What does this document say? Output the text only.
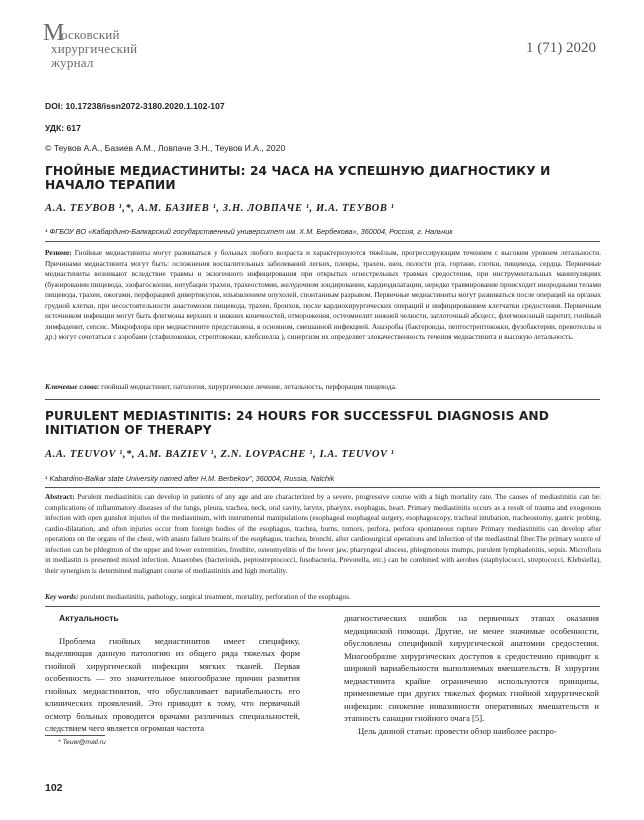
М
осковский
хирургический
журнал
1 (71) 2020
DOI: 10.17238/issn2072-3180.2020.1.102-107
УДК: 617
© Теувов А.А., Базиев А.М., Ловпаче З.Н., Теувов И.А., 2020
ГНОЙНЫЕ МЕДИАСТИНИТЫ: 24 ЧАСА НА УСПЕШНУЮ ДИАГНОСТИКУ И НАЧАЛО ТЕРАПИИ
А.А. ТЕУВОВ ¹,*, А.М. БАЗИЕВ ¹, З.Н. ЛОВПАЧЕ ¹, И.А. ТЕУВОВ ¹
¹ ФГБОУ ВО «Кабардино-Балкарский государственный университет им. Х.М. Бербекова», 360004, Россия, г. Нальчик
Резюме: Гнойные медиастиниты могут развиваться у больных любого возраста и характеризуются тяжёлым, прогрессирующим течением с высоким уровнем летальности. Причинами медиастинита могут быть: осложнения воспалительных заболеваний легких, плевры, трахеи, шеи, полости рта, гортани, глотки, пищевода, сердца. Первичные медиастиниты возникают вследствие травмы и экзогенного инфицирования при открытых огнестрельных травмах средостения, при инструментальных манипуляциях (бужировании пищевода, эзофагоскопии, интубации трахеи, трахеостомии, желудочном зондировании, кардиодилатации, нередко травмирование происходит инородными телами пищевода, трахеи, ожогами, перфорацией дивертикулов, изъязвлением опухолей, спонтанным разрывом. Первичные медиастиниты могут развиваться после операций на органах грудной клетки, при несостоятельности анастомозов пищевода, трахеи, бронхов, после кардиохирургических операций и инфицированием клетчатки средостения. Первичным источником инфекции могут быть флегмоны верхних и нижних конечностей, отморожения, остеомиелит нижней челюсти, заглоточный абсцесс, флегмонозный паротит, гнойный лимфаденит, сепсис. Микрофлора при медиастините представлена, в основном, смешанной инфекцией. Анаэробы (бактероиды, пептострептококки, фузобактерии, превотеллы и др.) могут сочетаться с аэробами (стафилококки, стрептококки, клебсиелла ), синергизм их определяет злокачественность течения медиастинита и высокую летальность.
Ключевые слова: гнойный медиастинит, патология, хирургическое лечение, летальность, перфорация пищевода.
PURULENT MEDIASTINITIS: 24 HOURS FOR SUCCESSFUL DIAGNOSIS AND INITIATION OF THERAPY
A.A. TEUVOV ¹,*, A.M. BAZIEV ¹, Z.N. LOVPACHE ¹, I.A. TEUVOV ¹
¹ Kabardino-Balkar state University named after H.M. Berbekov", 360004, Russia, Nalchik
Abstract: Purulent mediastinitis can develop in patients of any age and are characterized by a severe, progressive course with a high mortality rate. The causes of mediastinitis can be: complications of inflammatory diseases of the lungs, pleura, trachea, neck, oral cavity, larynx, pharynx, esophagus, heart. Primary mediastinitis occurs as a result of trauma and exogenous infection with open gunshot injuries of the mediastinum, with instrumental manipulations (esophageal esophageal surgery, esophagoscopy, tracheal intubation, tracheostomy, gastric probing, cardio-dilatation, and often injuries occur from foreign bodies of the esophagus, trachea, burns, tumors, perfora, perfora spontaneous rupture Primary mediastinitis can develop after operations on the organs of the chest, with anasto failure brains of the esophagus, trachea, bronchi, after cardiosurgical operations and infection of the mediastinal fiber.The primary source of infection can be phlegmon of the upper and lower extremities, frostbite, osteomyelitis of the lower jaw, pharyngeal abscess, phlegmonous mumps, purulent lymphadenitis, sepsis. Microflora in mediastin is presented mixed infection. Anaerobes (bacterioids, peptostreptococci, fusobacteria, Prevotella, etc.) can be combined with aerobes (staphylococci, streptococci, Klebsiella), their synergism is determined malignant course of mediastinitis and high mortality.
Key words: purulent mediastinitis, pathology, surgical treatment, mortality, perforation of the esophagus.
Актуальность

Проблема гнойных медиастинитов имеет специфику, выделяющая данную патологию из общего ряда тяжелых форм гнойной хирургической инфекции мягких тканей. Первая особенность — это значительное многообразие причин развития гнойных медиастинитов, что обуславливает вариабельность его клинических проявлений. Это приводит к тому, что первичный осмотр больных проводится врачами различных специальностей, следствием чего является огромная частота

диагностических ошибок на первичных этапах оказания медицинской помощи. Другие, не менее значимые особенности, обусловлены спецификой хирургической анатомии средостения. Многообразие хирургических доступов к средостению приводит к широкой вариабельности выполняемых вмешательств. В хирургии медиастинита крайне ограниченно используются принципы, применяемые при других тяжелых формах гнойной хирургической инфекции: снижение инвазивности оперативных вмешательств и этапность санации гнойного очага [5].

Цель данной статьи: провести обзор наиболее распро-

* Teuw@mail.ru
102
